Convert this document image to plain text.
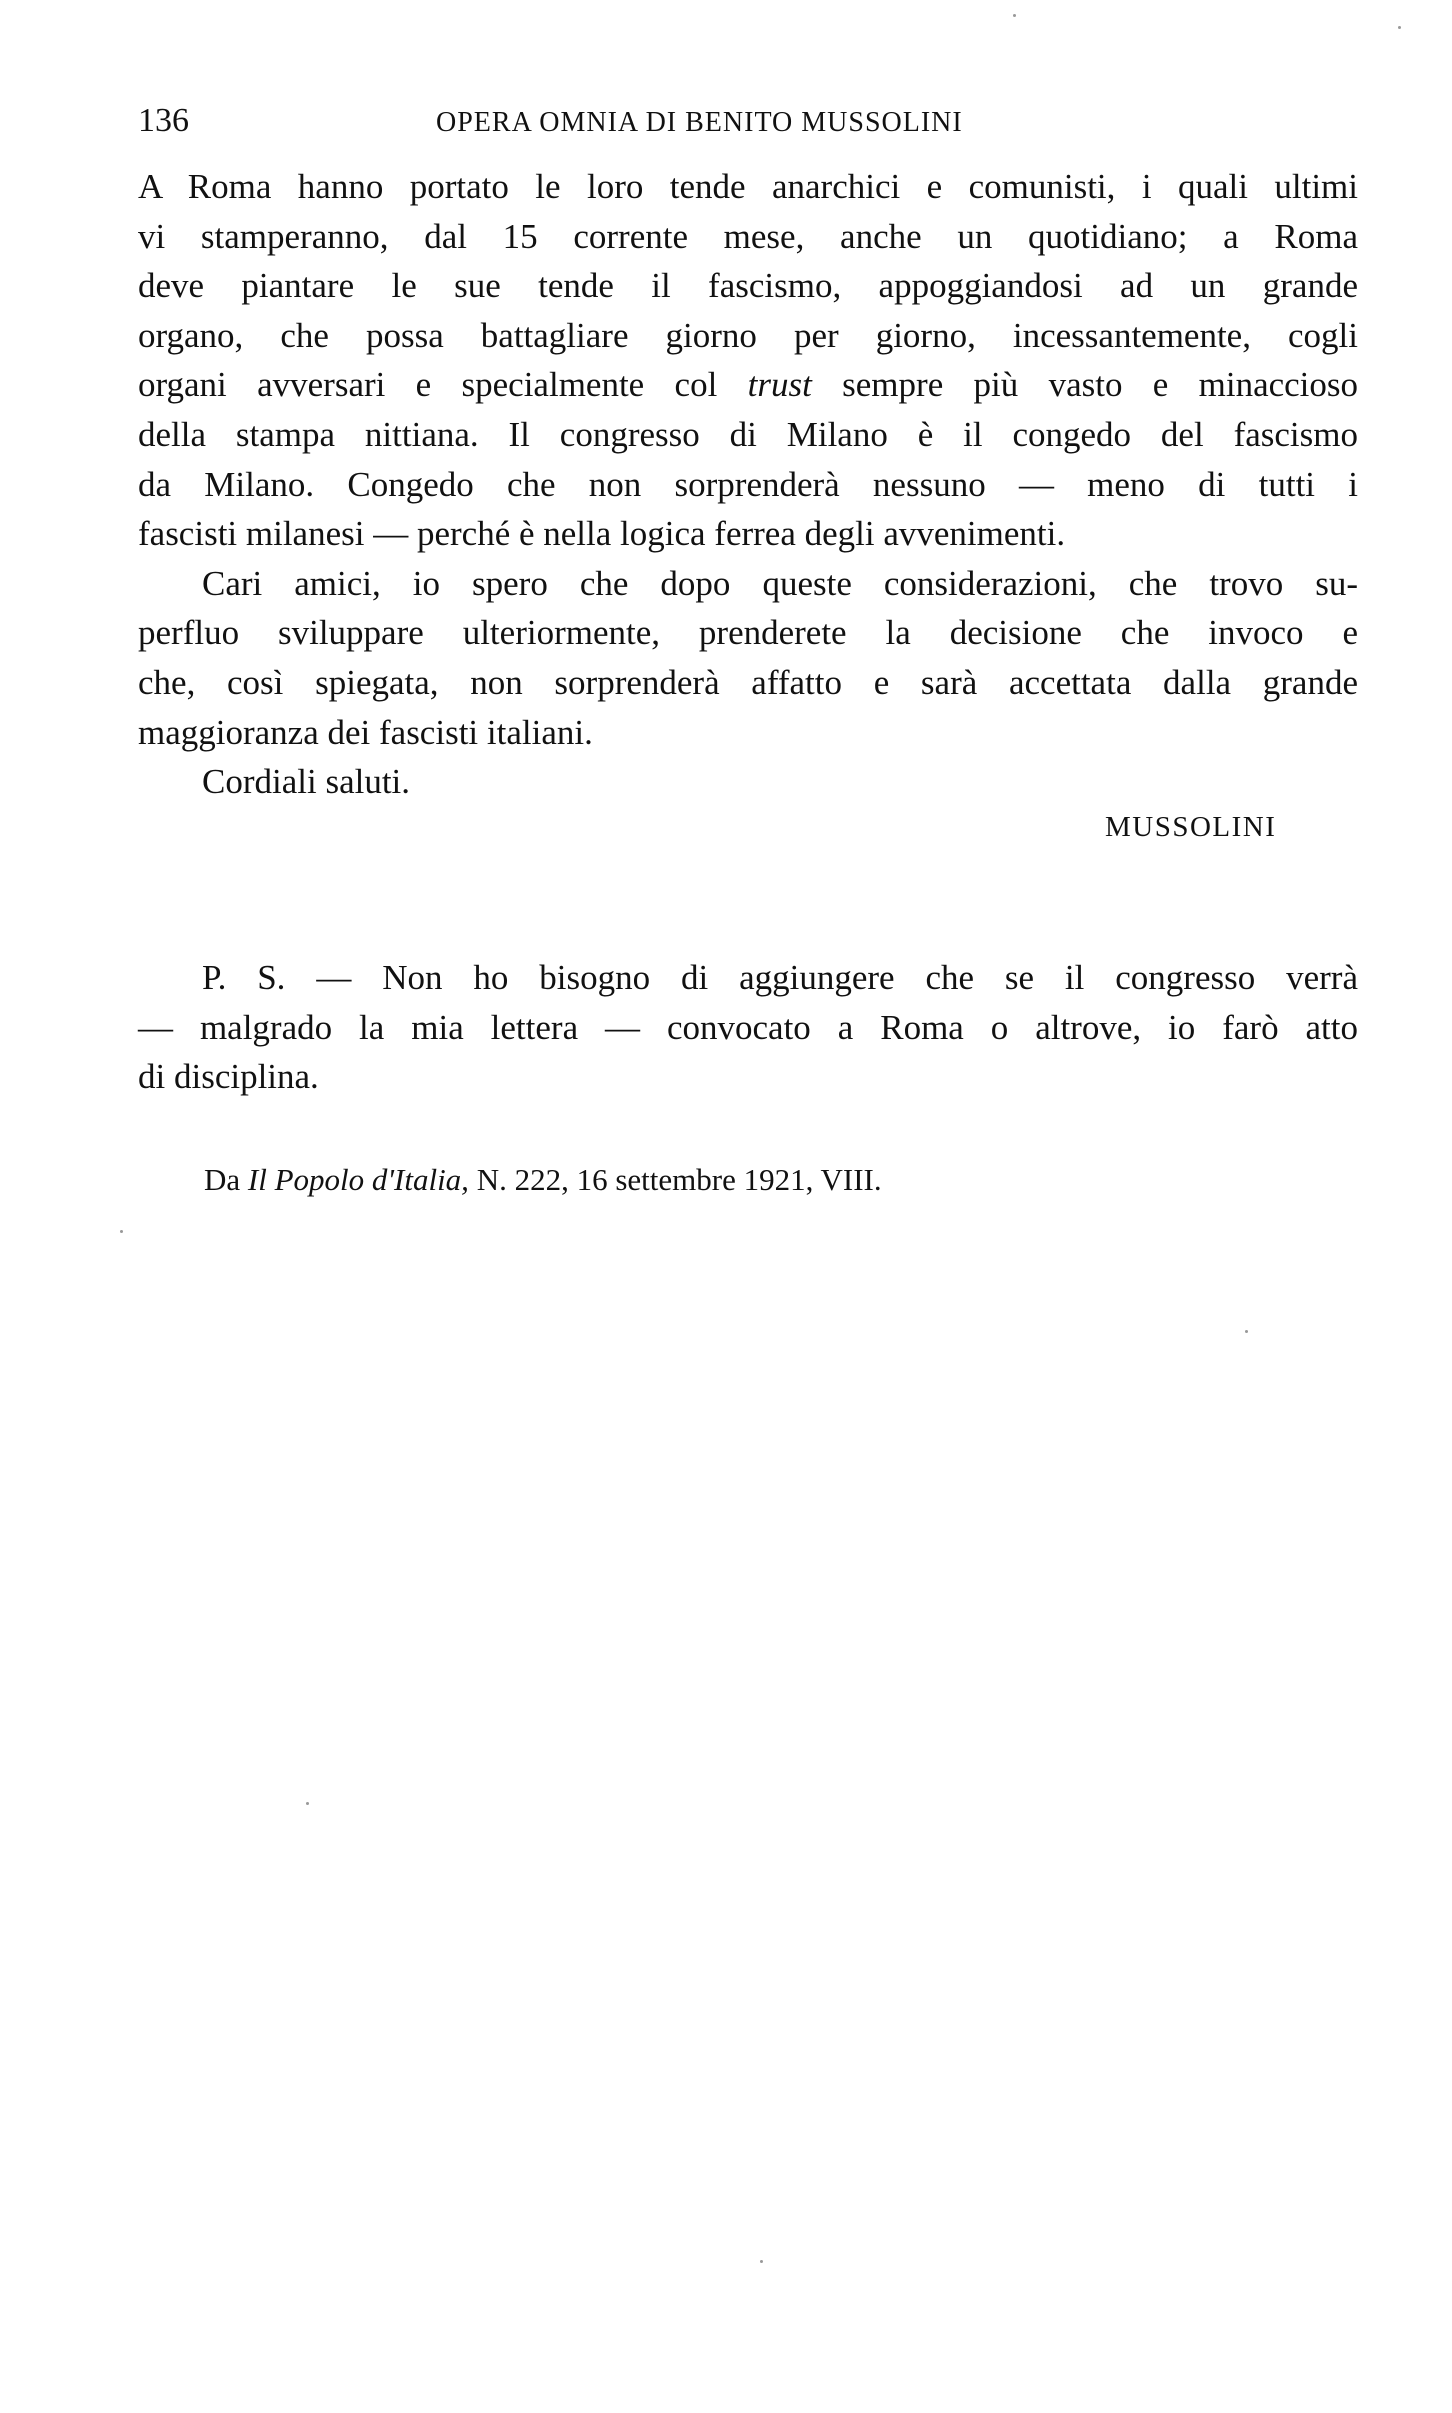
136	OPERA OMNIA DI BENITO MUSSOLINI
A Roma hanno portato le loro tende anarchici e comunisti, i quali ultimi
vi stamperanno, dal 15 corrente mese, anche un quotidiano; a Roma
deve piantare le sue tende il fascismo, appoggiandosi ad un grande
organo, che possa battagliare giorno per giorno, incessantemente, cogli
organi avversari e specialmente col trust sempre più vasto e minaccioso
della stampa nittiana. Il congresso di Milano è il congedo del fascismo
da Milano. Congedo che non sorprenderà nessuno — meno di tutti i
fascisti milanesi — perché è nella logica ferrea degli avvenimenti.
Cari amici, io spero che dopo queste considerazioni, che trovo su-
perfluo sviluppare ulteriormente, prenderete la decisione che invoco e
che, così spiegata, non sorprenderà affatto e sarà accettata dalla grande
maggioranza dei fascisti italiani.
Cordiali saluti.
MUSSOLINI
P. S. — Non ho bisogno di aggiungere che se il congresso verrà
— malgrado la mia lettera — convocato a Roma o altrove, io farò atto
di disciplina.
Da Il Popolo d'Italia, N. 222, 16 settembre 1921, VIII.
